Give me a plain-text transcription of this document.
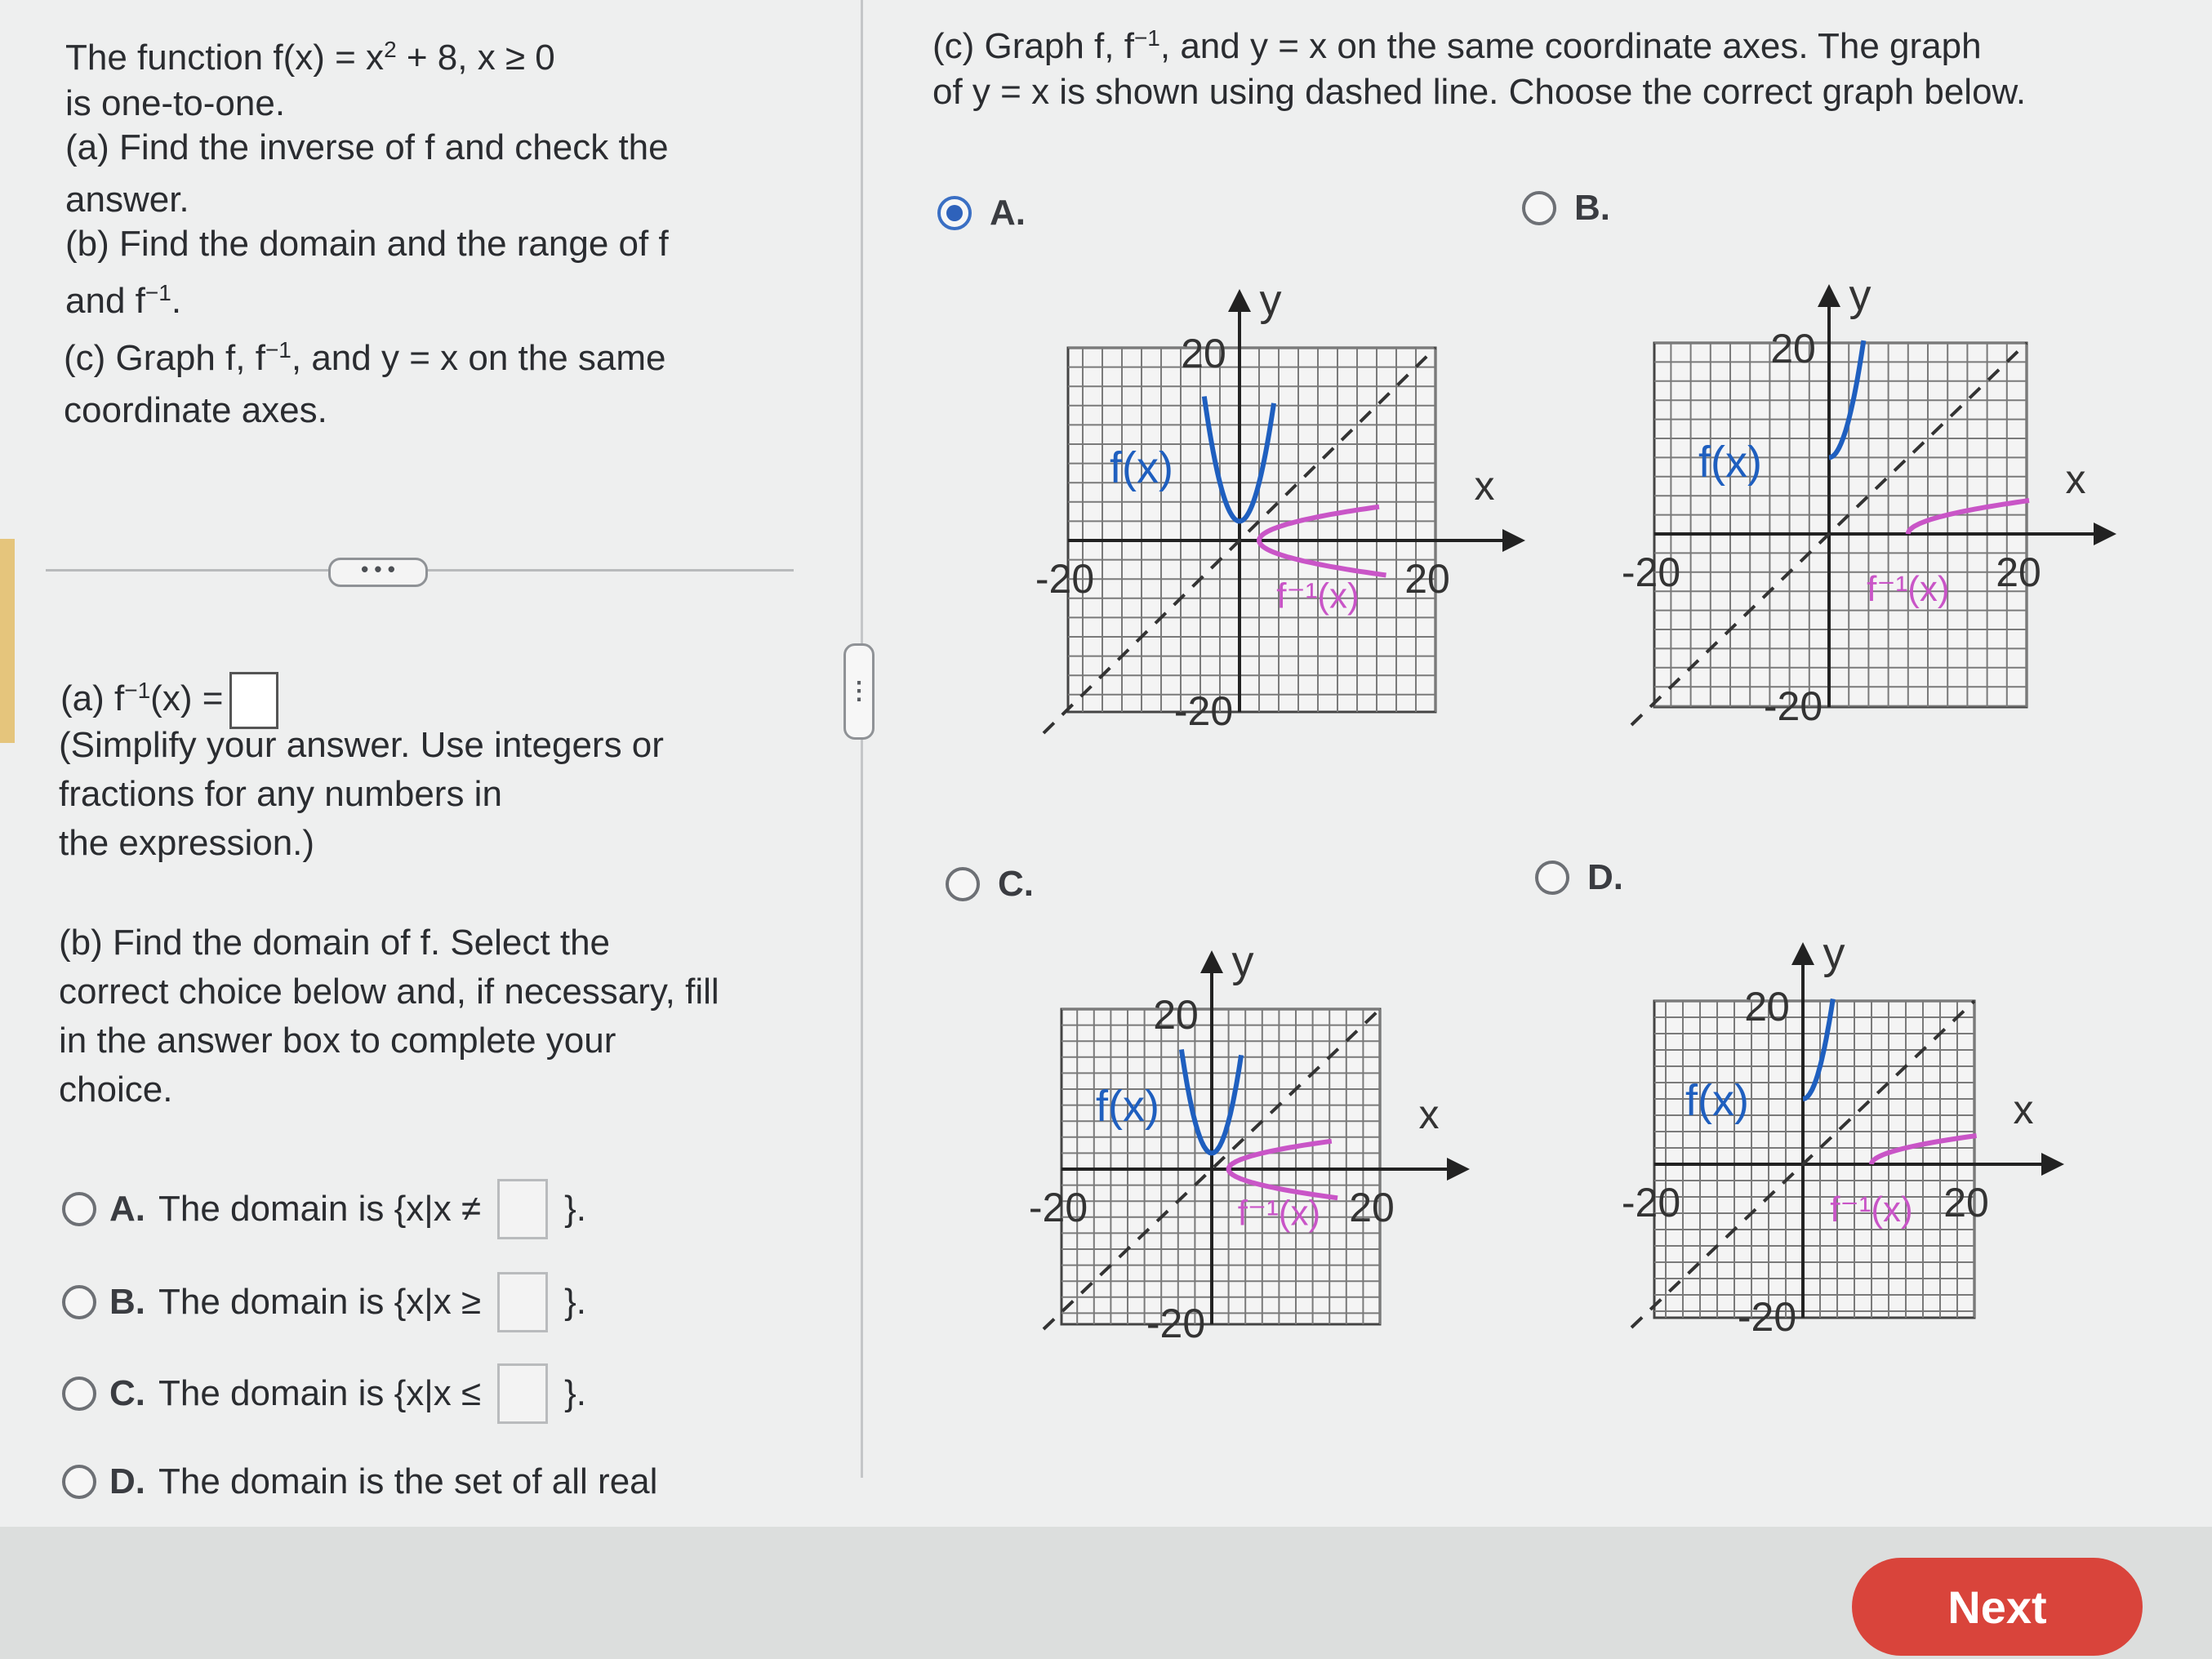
The function $f(x) = x^2 + 8$, x ≥ 0
is one-to-one.
(a) Find the inverse of f and check the
answer.
(b) Find the domain and the range of f
and $f^{-1}$.
(c) Graph f, $f^{-1}$, and y = x on the same
coordinate axes.
• • •
(a) $f^{-1}(x)$ =
(Simplify your answer. Use integers or
fractions for any numbers in
the expression.)
(b) Find the domain of f. Select the
correct choice below and, if necessary, fill
in the answer box to complete your
choice.
A. The domain is {x|x ≠ }.
B. The domain is {x|x ≥ }.
C. The domain is {x|x ≤ }.
D. The domain is the set of all real
⋮
(c) Graph f, $f^{-1}$, and y = x on the same coordinate axes. The graph
of y = x is shown using dashed line. Choose the correct graph below.
A.	B.
C.	D.
y
x
20
-20	20
-20
f(x)
f⁻¹(x)
y
x
20
-20	20
-20
f(x)
f⁻¹(x)
y
x
20
-20	20
-20
f(x)
f⁻¹(x)
y
x
20
-20	20
-20
f(x)
f⁻¹(x)
Next
